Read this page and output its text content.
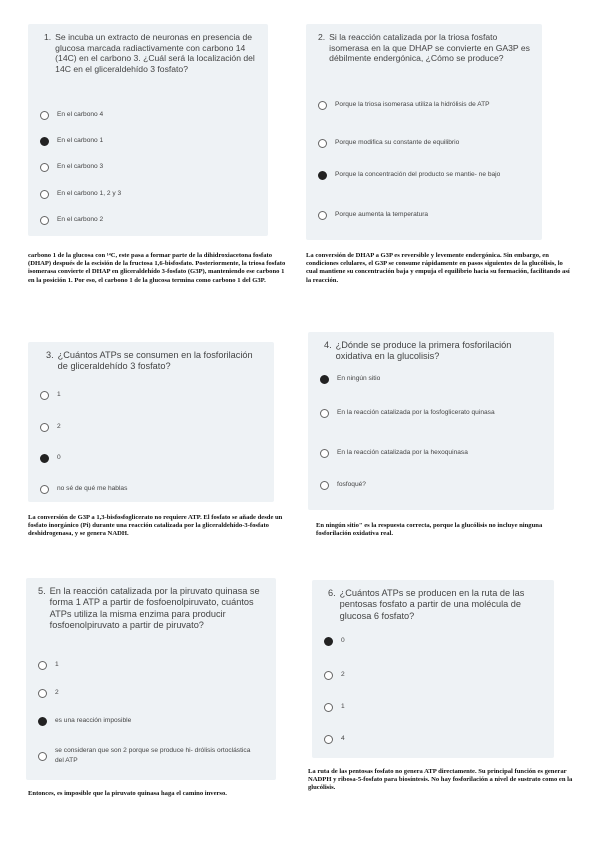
1. Se incuba un extracto de neuronas en presencia de glucosa marcada radiactivamente con carbono 14 (14C) en el carbono 3. ¿Cuál será la localización del 14C en el gliceraldehído 3 fosfato?
En el carbono 4
En el carbono 1
En el carbono 3
En el carbono 1, 2 y 3
En el carbono 2

carbono 1 de la glucosa con ¹⁴C, este pasa a formar parte de la dihidroxiacetona fosfato (DHAP) después de la escisión de la fructosa 1,6-bisfosfato. Posteriormente, la triosa fosfato isomerasa convierte el DHAP en gliceraldehído 3-fosfato (G3P), manteniendo ese carbono 1 en la posición 1. Por eso, el carbono 1 de la glucosa termina como carbono 1 del G3P.

2. Si la reacción catalizada por la triosa fosfato isomerasa en la que DHAP se convierte en GA3P es débilmente endergónica, ¿Cómo se produce?
Porque la triosa isomerasa utiliza la hidrólisis de ATP
Porque modifica su constante de equilibrio
Porque la concentración del producto se mantie- ne bajo
Porque aumenta la temperatura

La conversión de DHAP a G3P es reversible y levemente endergónica. Sin embargo, en condiciones celulares, el G3P se consume rápidamente en pasos siguientes de la glucólisis, lo cual mantiene su concentración baja y empuja el equilibrio hacia su formación, facilitando así la reacción.

3. ¿Cuántos ATPs se consumen en la fosforilación de gliceraldehído 3 fosfato?
1
2
0
no sé de qué me hablas

La conversión de G3P a 1,3-bisfosfoglicerato no requiere ATP. El fosfato se añade desde un fosfato inorgánico (Pi) durante una reacción catalizada por la gliceraldehído-3-fosfato deshidrogenasa, y se genera NADH.

4. ¿Dónde se produce la primera fosforilación oxidativa en la glucolisis?
En ningún sitio
En la reacción catalizada por la fosfoglicerato quinasa
En la reacción catalizada por la hexoquinasa
fosfoqué?

En ningún sitio" es la respuesta correcta, porque la glucólisis no incluye ninguna fosforilación oxidativa real.

5. En la reacción catalizada por la piruvato quinasa se forma 1 ATP a partir de fosfoenolpiruvato, cuántos ATPs utiliza la misma enzima para producir fosfoenolpiruvato a partir de piruvato?
1
2
es una reacción imposible
se consideran que son 2 porque se produce hi- drólisis ortoclástica del ATP

Entonces, es imposible que la piruvato quinasa haga el camino inverso.

6. ¿Cuántos ATPs se producen en la ruta de las pentosas fosfato a partir de una molécula de glucosa 6 fosfato?
0
2
1
4

La ruta de las pentosas fosfato no genera ATP directamente. Su principal función es generar NADPH y ribosa-5-fosfato para biosíntesis. No hay fosforilación a nivel de sustrato como en la glucólisis.
